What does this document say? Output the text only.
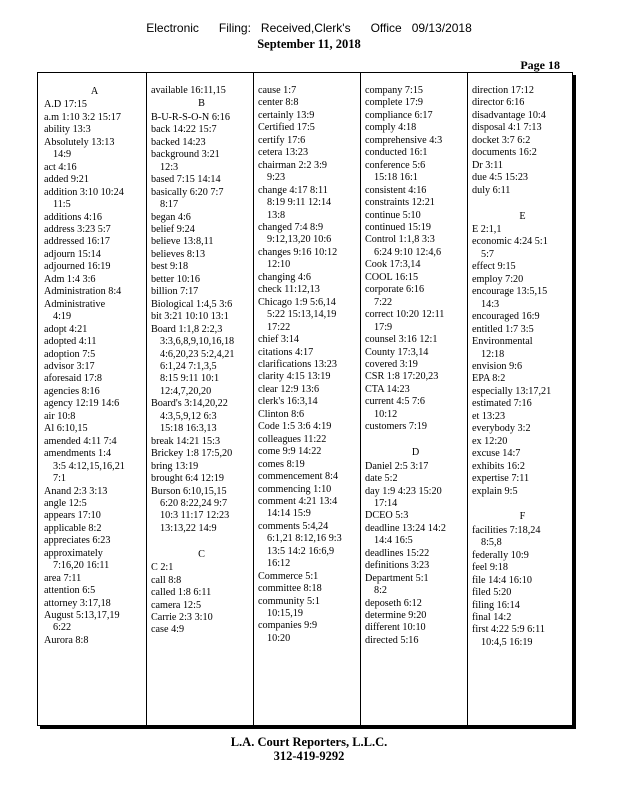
Electronic      Filing:   Received,Clerk's      Office   09/13/2018
September 11, 2018
Page 18
A
A.D 17:15
a.m 1:10 3:2 15:17
ability 13:3
Absolutely 13:13
14:9
act 4:16
added 9:21
addition 3:10 10:24
11:5
additions 4:16
address 3:23 5:7
addressed 16:17
adjourn 15:14
adjourned 16:19
Adm 1:4 3:6
Administration 8:4
Administrative
4:19
adopt 4:21
adopted 4:11
adoption 7:5
advisor 3:17
aforesaid 17:8
agencies 8:16
agency 12:19 14:6
air 10:8
Al 6:10,15
amended 4:11 7:4
amendments 1:4
3:5 4:12,15,16,21
7:1
Anand 2:3 3:13
angle 12:5
appears 17:10
applicable 8:2
appreciates 6:23
approximately
7:16,20 16:11
area 7:11
attention 6:5
attorney 3:17,18
August 5:13,17,19
6:22
Aurora 8:8
available 16:11,15
B
B-U-R-S-O-N 6:16
back 14:22 15:7
backed 14:23
background 3:21
12:3
based 7:15 14:14
basically 6:20 7:7
8:17
began 4:6
belief 9:24
believe 13:8,11
believes 8:13
best 9:18
better 10:16
billion 7:17
Biological 1:4,5 3:6
bit 3:21 10:10 13:1
Board 1:1,8 2:2,3
3:3,6,8,9,10,16,18
4:6,20,23 5:2,4,21
6:1,24 7:1,3,5
8:15 9:11 10:1
12:4,7,20,20
Board's 3:14,20,22
4:3,5,9,12 6:3
15:18 16:3,13
break 14:21 15:3
Brickey 1:8 17:5,20
bring 13:19
brought 6:4 12:19
Burson 6:10,15,15
6:20 8:22,24 9:7
10:3 11:17 12:23
13:13,22 14:9

C
C 2:1
call 8:8
called 1:8 6:11
camera 12:5
Carrie 2:3 3:10
case 4:9
cause 1:7
center 8:8
certainly 13:9
Certified 17:5
certify 17:6
cetera 13:23
chairman 2:2 3:9
9:23
change 4:17 8:11
8:19 9:11 12:14
13:8
changed 7:4 8:9
9:12,13,20 10:6
changes 9:16 10:12
12:10
changing 4:6
check 11:12,13
Chicago 1:9 5:6,14
5:22 15:13,14,19
17:22
chief 3:14
citations 4:17
clarifications 13:23
clarity 4:15 13:19
clear 12:9 13:6
clerk's 16:3,14
Clinton 8:6
Code 1:5 3:6 4:19
colleagues 11:22
come 9:9 14:22
comes 8:19
commencement 8:4
commencing 1:10
comment 4:21 13:4
14:14 15:9
comments 5:4,24
6:1,21 8:12,16 9:3
13:5 14:2 16:6,9
16:12
Commerce 5:1
committee 8:18
community 5:1
10:15,19
companies 9:9
10:20
company 7:15
complete 17:9
compliance 6:17
comply 4:18
comprehensive 4:3
conducted 16:1
conference 5:6
15:18 16:1
consistent 4:16
constraints 12:21
continue 5:10
continued 15:19
Control 1:1,8 3:3
6:24 9:10 12:4,6
Cook 17:3,14
COOL 16:15
corporate 6:16
7:22
correct 10:20 12:11
17:9
counsel 3:16 12:1
County 17:3,14
covered 3:19
CSR 1:8 17:20,23
CTA 14:23
current 4:5 7:6
10:12
customers 7:19

D
Daniel 2:5 3:17
date 5:2
day 1:9 4:23 15:20
17:14
DCEO 5:3
deadline 13:24 14:2
14:4 16:5
deadlines 15:22
definitions 3:23
Department 5:1
8:2
deposeth 6:12
determine 9:20
different 10:10
directed 5:16
direction 17:12
director 6:16
disadvantage 10:4
disposal 4:1 7:13
docket 3:7 6:2
documents 16:2
Dr 3:11
due 4:5 15:23
duly 6:11

E
E 2:1,1
economic 4:24 5:1
5:7
effect 9:15
employ 7:20
encourage 13:5,15
14:3
encouraged 16:9
entitled 1:7 3:5
Environmental
12:18
envision 9:6
EPA 8:2
especially 13:17,21
estimated 7:16
et 13:23
everybody 3:2
ex 12:20
excuse 14:7
exhibits 16:2
expertise 7:11
explain 9:5

F
facilities 7:18,24
8:5,8
federally 10:9
feel 9:18
file 14:4 16:10
filed 5:20
filing 16:14
final 14:2
first 4:22 5:9 6:11
10:4,5 16:19
L.A. Court Reporters, L.L.C.
312-419-9292
